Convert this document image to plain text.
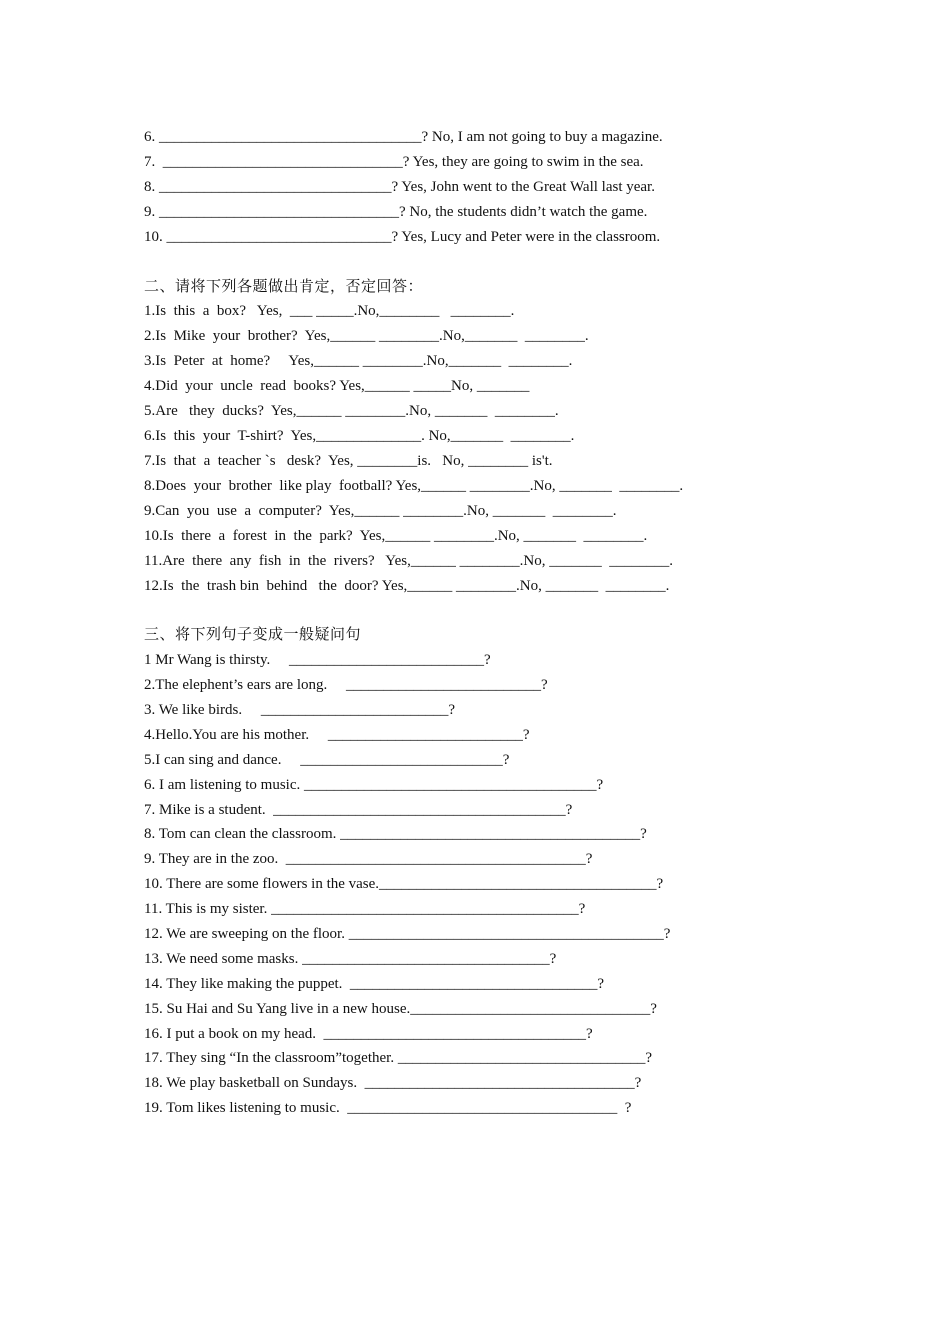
6. ___________________________________? No, I am not going to buy a magazine.
7.  ________________________________? Yes, they are going to swim in the sea.
8. _______________________________? Yes, John went to the Great Wall last year.
9. ________________________________? No, the students didn’t watch the game.
10. ______________________________? Yes, Lucy and Peter were in the classroom.
二、请将下列各题做出肯定，否定回答：
1.Is  this  a  box?   Yes,  ___ _____.No,________   ________.
2.Is  Mike  your  brother?  Yes,______ ________.No,_______  ________.
3.Is  Peter  at  home?     Yes,______ ________.No,_______  ________.
4.Did  your  uncle  read  books? Yes,______ _____No, _______
5.Are   they  ducks?  Yes,______ ________.No, _______  ________.
6.Is  this  your  T-shirt?  Yes,______________. No,_______  ________.
7.Is  that  a  teacher `s   desk?  Yes, ________is.   No, ________ is't.
8.Does  your  brother  like play  football? Yes,______ ________.No, _______  ________.
9.Can  you  use  a  computer?  Yes,______ ________.No, _______  ________.
10.Is  there  a  forest  in  the  park?  Yes,______ ________.No, _______  ________.
11.Are  there  any  fish  in  the  rivers?   Yes,______ ________.No, _______  ________.
12.Is  the  trash bin  behind   the  door? Yes,______ ________.No, _______  ________.
三、将下列句子变成一般疑问句
1 Mr Wang is thirsty.     __________________________?
2.The elephent’s ears are long.     __________________________?
3. We like birds.     _________________________?
4.Hello.You are his mother.     __________________________?
5.I can sing and dance.     ___________________________?
6. I am listening to music. _______________________________________?
7. Mike is a student.  _______________________________________?
8. Tom can clean the classroom. ________________________________________?
9. They are in the zoo.  ________________________________________?
10. There are some flowers in the vase._____________________________________?
11. This is my sister. _________________________________________?
12. We are sweeping on the floor. __________________________________________?
13. We need some masks. _________________________________?
14. They like making the puppet.  _________________________________?
15. Su Hai and Su Yang live in a new house.________________________________?
16. I put a book on my head.  ___________________________________?
17. They sing “In the classroom”together. _________________________________?
18. We play basketball on Sundays.  ____________________________________?
19. Tom likes listening to music.  ____________________________________  ?
